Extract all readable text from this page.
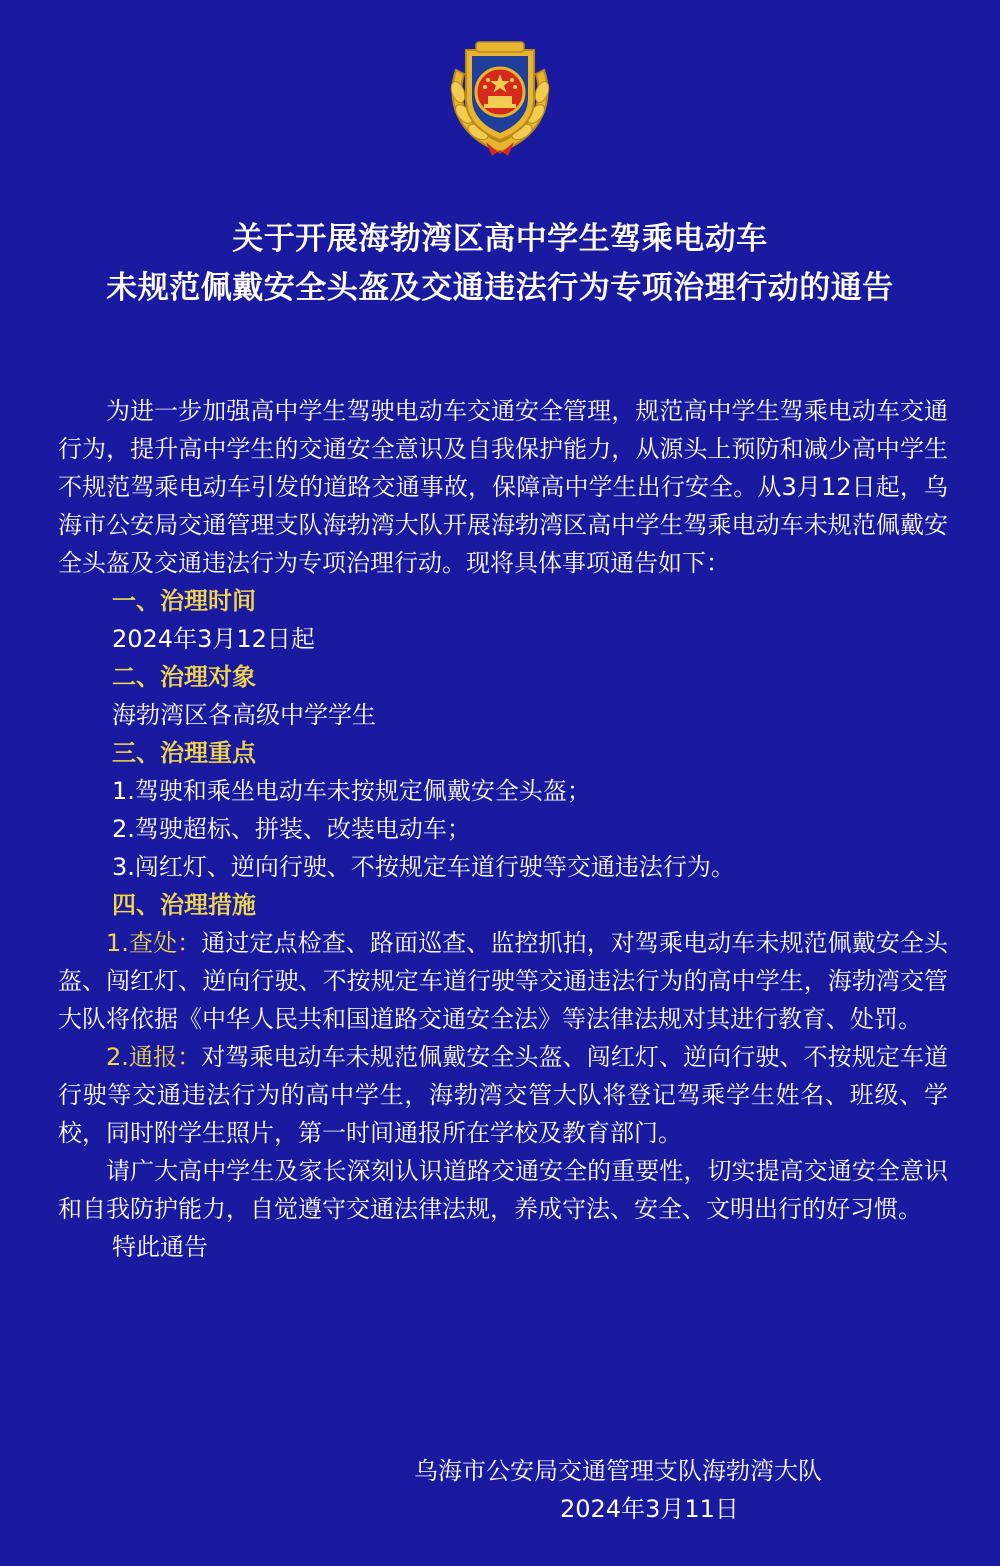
关于开展海勃湾区高中学生驾乘电动车
未规范佩戴安全头盔及交通违法行为专项治理行动的通告

为进一步加强高中学生驾驶电动车交通安全管理，规范高中学生驾乘电动车交通行为，提升高中学生的交通安全意识及自我保护能力，从源头上预防和减少高中学生不规范驾乘电动车引发的道路交通事故，保障高中学生出行安全。从3月12日起，乌海市公安局交通管理支队海勃湾大队开展海勃湾区高中学生驾乘电动车未规范佩戴安全头盔及交通违法行为专项治理行动。现将具体事项通告如下：

一、治理时间

2024年3月12日起

二、治理对象

海勃湾区各高级中学学生

三、治理重点

1.驾驶和乘坐电动车未按规定佩戴安全头盔；

2.驾驶超标、拼装、改装电动车；

3.闯红灯、逆向行驶、不按规定车道行驶等交通违法行为。

四、治理措施

1.查处：通过定点检查、路面巡查、监控抓拍，对驾乘电动车未规范佩戴安全头盔、闯红灯、逆向行驶、不按规定车道行驶等交通违法行为的高中学生，海勃湾交管大队将依据《中华人民共和国道路交通安全法》等法律法规对其进行教育、处罚。

2.通报：对驾乘电动车未规范佩戴安全头盔、闯红灯、逆向行驶、不按规定车道行驶等交通违法行为的高中学生，海勃湾交管大队将登记驾乘学生姓名、班级、学校，同时附学生照片，第一时间通报所在学校及教育部门。

请广大高中学生及家长深刻认识道路交通安全的重要性，切实提高交通安全意识和自我防护能力，自觉遵守交通法律法规，养成守法、安全、文明出行的好习惯。

特此通告

乌海市公安局交通管理支队海勃湾大队
2024年3月11日
